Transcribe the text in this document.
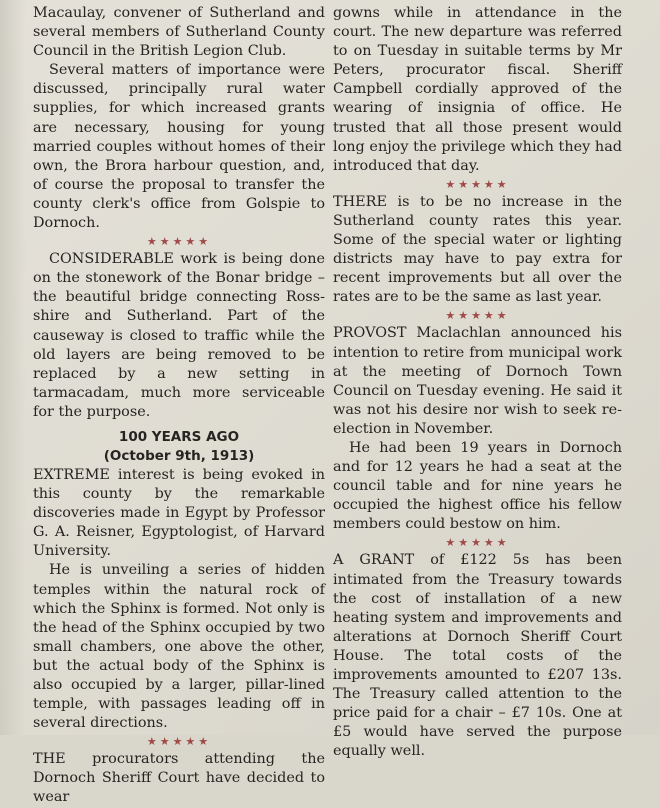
Macaulay, convener of Sutherland and several members of Sutherland County Council in the British Legion Club.

Several matters of importance were discussed, principally rural water supplies, for which increased grants are necessary, housing for young married couples without homes of their own, the Brora harbour question, and, of course the proposal to transfer the county clerk's office from Golspie to Dornoch.

★★★★★

CONSIDERABLE work is being done on the stonework of the Bonar bridge – the beautiful bridge connecting Ross-shire and Sutherland. Part of the causeway is closed to traffic while the old layers are being removed to be replaced by a new setting in tarmacadam, much more serviceable for the purpose.

100 YEARS AGO
(October 9th, 1913)

EXTREME interest is being evoked in this county by the remarkable discoveries made in Egypt by Professor G. A. Reisner, Egyptologist, of Harvard University.

He is unveiling a series of hidden temples within the natural rock of which the Sphinx is formed. Not only is the head of the Sphinx occupied by two small chambers, one above the other, but the actual body of the Sphinx is also occupied by a larger, pillar-lined temple, with passages leading off in several directions.

★★★★★

THE procurators attending the Dornoch Sheriff Court have decided to wear

gowns while in attendance in the court. The new departure was referred to on Tuesday in suitable terms by Mr Peters, procurator fiscal. Sheriff Campbell cordially approved of the wearing of insignia of office. He trusted that all those present would long enjoy the privilege which they had introduced that day.

★★★★★

THERE is to be no increase in the Sutherland county rates this year. Some of the special water or lighting districts may have to pay extra for recent improvements but all over the rates are to be the same as last year.

★★★★★

PROVOST Maclachlan announced his intention to retire from municipal work at the meeting of Dornoch Town Council on Tuesday evening. He said it was not his desire nor wish to seek re-election in November.

He had been 19 years in Dornoch and for 12 years he had a seat at the council table and for nine years he occupied the highest office his fellow members could bestow on him.

★★★★★

A GRANT of £122 5s has been intimated from the Treasury towards the cost of installation of a new heating system and improvements and alterations at Dornoch Sheriff Court House. The total costs of the improvements amounted to £207 13s. The Treasury called attention to the price paid for a chair – £7 10s. One at £5 would have served the purpose equally well.
